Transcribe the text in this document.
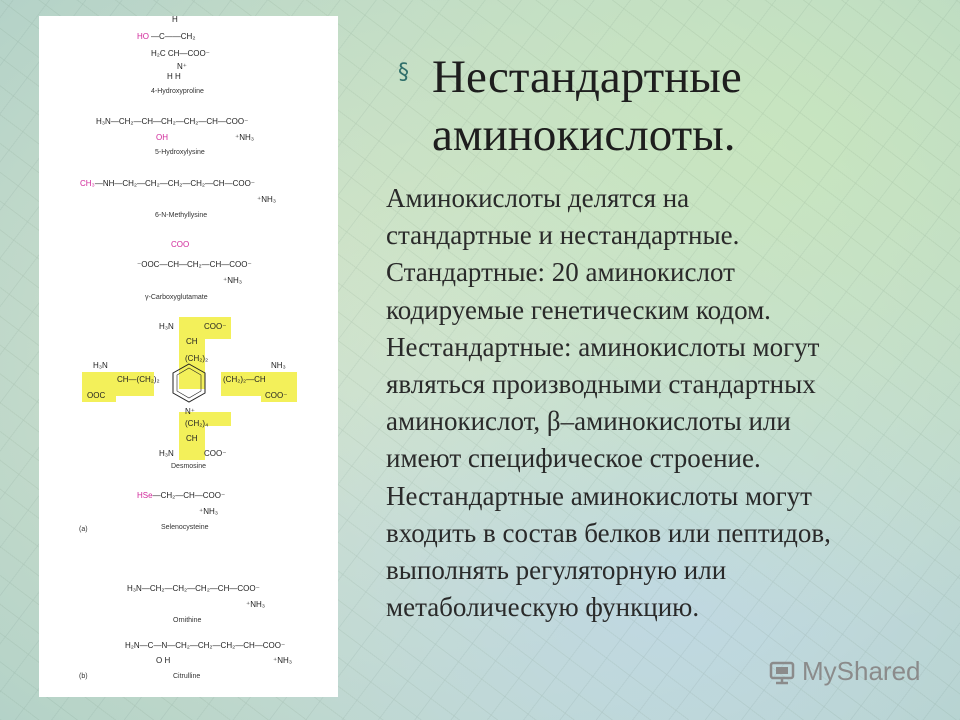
H
HO —C——CH₂
H₂C CH—COO⁻
N⁺
H H
4-Hydroxyproline
H₃N—CH₂—CH—CH₂—CH₂—CH—COO⁻
OH	⁺NH₃
5-Hydroxylysine
CH₃—NH—CH₂—CH₂—CH₂—CH₂—CH—COO⁻
⁺NH₃
6-N-Methyllysine
COO
⁻OOC—CH—CH₂—CH—COO⁻
⁺NH₃
γ-Carboxyglutamate
H₃N	COO⁻
CH
(CH₂)₂
H₃N	NH₃
CH—(CH₂)₂	(CH₂)₂—CH
OOC	COO⁻
N⁺
(CH₂)₄
CH
H₃N	COO⁻
Desmosine
HSe—CH₂—CH—COO⁻
⁺NH₃
Selenocysteine
(a)
H₃N—CH₂—CH₂—CH₂—CH—COO⁻
⁺NH₃
Ornithine
H₂N—C—N—CH₂—CH₂—CH₂—CH—COO⁻
O H	⁺NH₃
Citrulline
(b)
§ Нестандартные аминокислоты.
Аминокислоты делятся на
стандартные и нестандартные.
Стандартные: 20 аминокислот
кодируемые генетическим кодом.
Нестандартные: аминокислоты могут
являться производными стандартных
аминокислот, β–аминокислоты или
имеют специфическое строение.
Нестандартные аминокислоты могут
входить в состав белков или пептидов,
выполнять регуляторную или
метаболическую функцию.
MyShared
